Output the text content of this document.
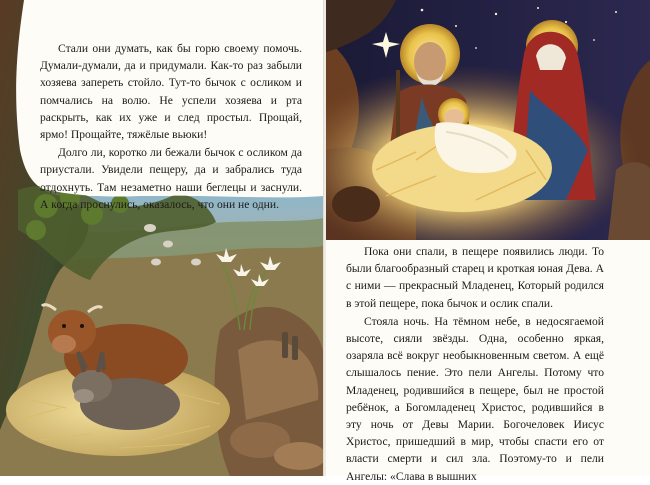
Стали они думать, как бы горю своему помочь. Думали-думали, да и придумали. Как-то раз забыли хозяева запереть стойло. Тут-то бычок с осликом и помчались на волю. Не успели хозяева и рта раскрыть, как их уже и след простыл. Прощай, ярмо! Прощайте, тяжёлые вьюки!

Долго ли, коротко ли бежали бычок с осликом да приустали. Увидели пещеру, да и забрались туда отдохнуть. Там незаметно наши беглецы и заснули. А когда проснулись, оказалось, что они не одни.

Пока они спали, в пещере появились люди. То были благообразный старец и кроткая юная Дева. А с ними — прекрасный Младенец, Который родился в этой пещере, пока бычок и ослик спали.

Стояла ночь. На тёмном небе, в недосягаемой высоте, сияли звёзды. Одна, особенно яркая, озаряла всё вокруг необыкновенным светом. А ещё слышалось пение. Это пели Ангелы. Потому что Младенец, родившийся в пещере, был не простой ребёнок, а Богомладенец Христос, родившийся в эту ночь от Девы Марии. Богочеловек Иисус Христос, пришедший в мир, чтобы спасти его от власти смерти и сил зла. Поэтому-то и пели Ангелы: «Слава в вышних
